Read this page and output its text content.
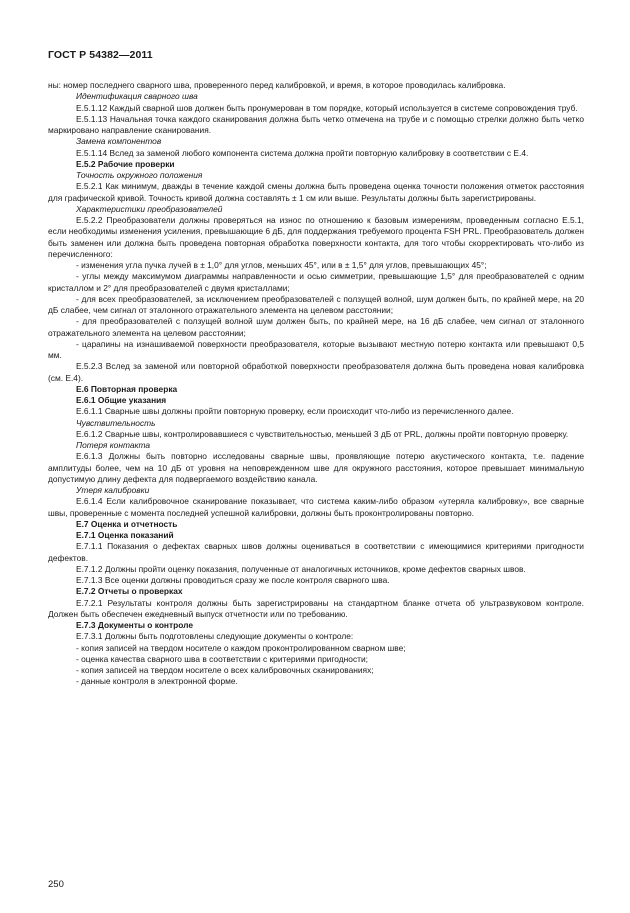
ГОСТ Р 54382—2011

ны: номер последнего сварного шва, проверенного перед калибровкой, и время, в которое проводилась калибровка.

Идентификация сварного шва

Е.5.1.12 Каждый сварной шов должен быть пронумерован в том порядке, который используется в системе сопровождения труб.

Е.5.1.13 Начальная точка каждого сканирования должна быть четко отмечена на трубе и с помощью стрелки должно быть четко маркировано направление сканирования.

Замена компонентов

Е.5.1.14 Вслед за заменой любого компонента система должна пройти повторную калибровку в соответствии с Е.4.

Е.5.2 Рабочие проверки

Точность окружного положения

Е.5.2.1 Как минимум, дважды в течение каждой смены должна быть проведена оценка точности положения отметок расстояния для графической кривой. Точность кривой должна составлять ± 1 см или выше. Результаты должны быть зарегистрированы.

Характеристики преобразователей

Е.5.2.2 Преобразователи должны проверяться на износ по отношению к базовым измерениям, проведенным согласно Е.5.1, если необходимы изменения усиления, превышающие 6 дБ, для поддержания требуемого процента FSH PRL. Преобразователь должен быть заменен или должна быть проведена повторная обработка поверхности контакта, для того чтобы скорректировать что-либо из перечисленного:

- изменения угла пучка лучей в ± 1,0° для углов, меньших 45°, или в ± 1,5° для углов, превышающих 45°;

- углы между максимумом диаграммы направленности и осью симметрии, превышающие 1,5° для преобразователей с одним кристаллом и 2° для преобразователей с двумя кристаллами;

- для всех преобразователей, за исключением преобразователей с ползущей волной, шум должен быть, по крайней мере, на 20 дБ слабее, чем сигнал от эталонного отражательного элемента на целевом расстоянии;

- для преобразователей с ползущей волной шум должен быть, по крайней мере, на 16 дБ слабее, чем сигнал от эталонного отражательного элемента на целевом расстоянии;

- царапины на изнашиваемой поверхности преобразователя, которые вызывают местную потерю контакта или превышают 0,5 мм.

Е.5.2.3 Вслед за заменой или повторной обработкой поверхности преобразователя должна быть проведена новая калибровка (см. Е.4).

Е.6 Повторная проверка

Е.6.1 Общие указания

Е.6.1.1 Сварные швы должны пройти повторную проверку, если происходит что-либо из перечисленного далее.

Чувствительность

Е.6.1.2 Сварные швы, контролировавшиеся с чувствительностью, меньшей 3 дБ от PRL, должны пройти повторную проверку.

Потеря контакта

Е.6.1.3 Должны быть повторно исследованы сварные швы, проявляющие потерю акустического контакта, т.е. падение амплитуды более, чем на 10 дБ от уровня на неповрежденном шве для окружного расстояния, которое превышает минимальную допустимую длину дефекта для подвергаемого воздействию канала.

Утеря калибровки

Е.6.1.4 Если калибровочное сканирование показывает, что система каким-либо образом «утеряла калибровку», все сварные швы, проверенные с момента последней успешной калибровки, должны быть проконтролированы повторно.

Е.7 Оценка и отчетность

Е.7.1 Оценка показаний

Е.7.1.1 Показания о дефектах сварных швов должны оцениваться в соответствии с имеющимися критериями пригодности дефектов.

Е.7.1.2 Должны пройти оценку показания, полученные от аналогичных источников, кроме дефектов сварных швов.

Е.7.1.3 Все оценки должны проводиться сразу же после контроля сварного шва.

Е.7.2 Отчеты о проверках

Е.7.2.1 Результаты контроля должны быть зарегистрированы на стандартном бланке отчета об ультразвуковом контроле. Должен быть обеспечен ежедневный выпуск отчетности или по требованию.

Е.7.3 Документы о контроле

Е.7.3.1 Должны быть подготовлены следующие документы о контроле:

- копия записей на твердом носителе о каждом проконтролированном сварном шве;

- оценка качества сварного шва в соответствии с критериями пригодности;

- копия записей на твердом носителе о всех калибровочных сканированиях;

- данные контроля в электронной форме.

250
